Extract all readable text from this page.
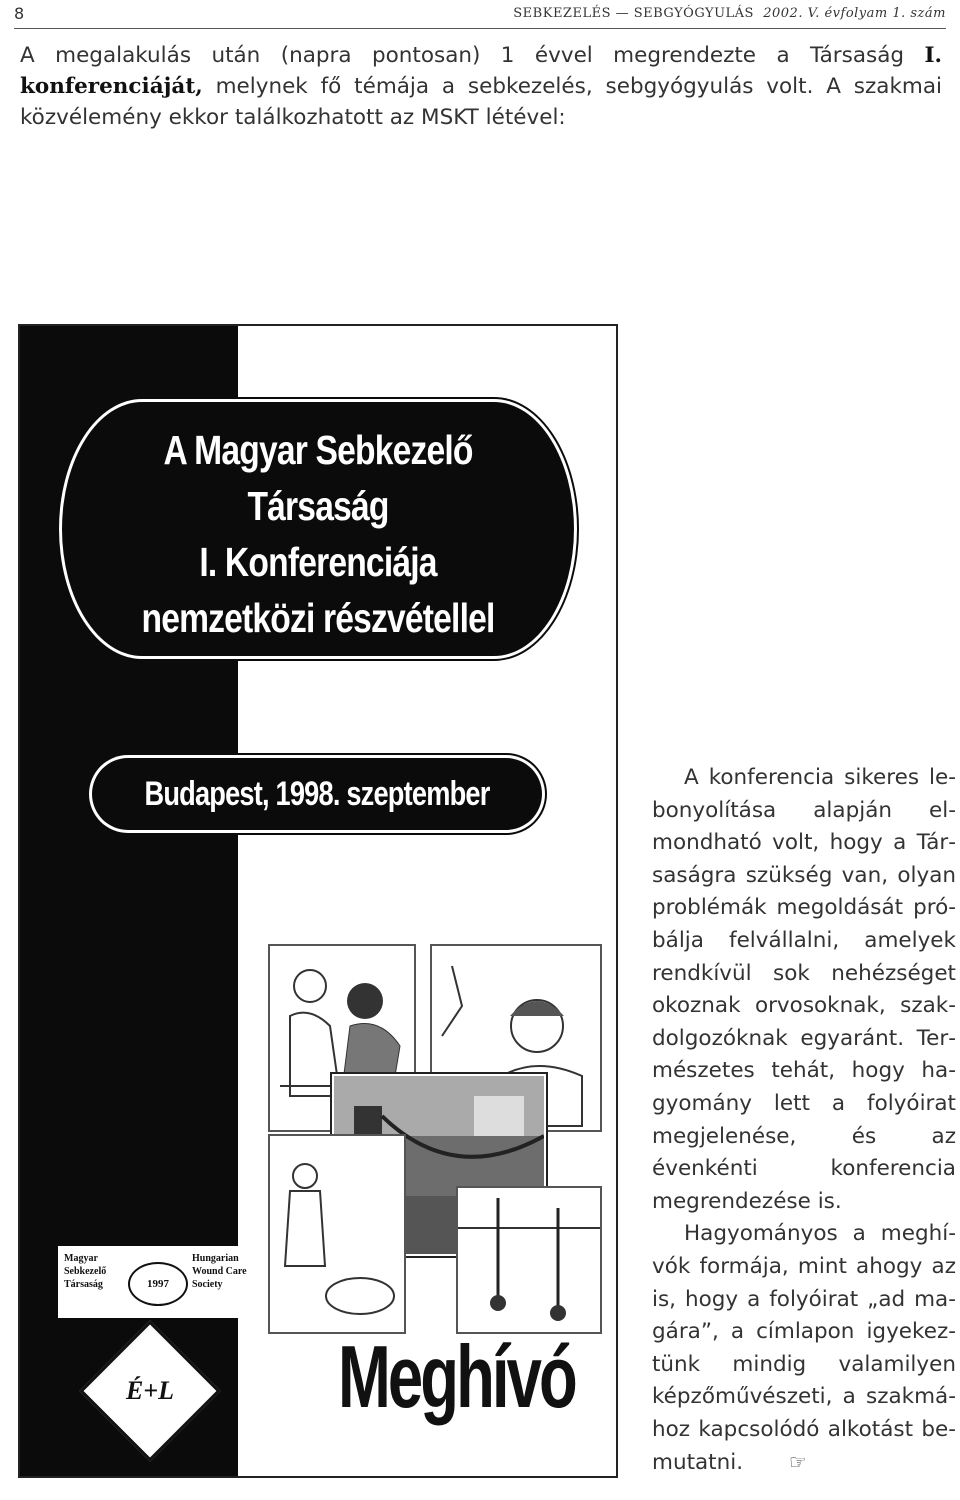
8	SEBKEZELÉS — SEBGYÓGYULÁS 2002. V. évfolyam 1. szám

A megalakulás után (napra pontosan) 1 évvel megrendezte a Társaság I. konferenciáját, melynek fő témája a sebkezelés, sebgyógyulás volt. A szakmai közvélemény ekkor találkozhatott az MSKT létével:

A Magyar Sebkezelő
Társaság
I. Konferenciája
nemzetközi részvétellel
Budapest, 1998. szeptember 25-26.
Magyar Sebkezelő Társaság	1997
Hungarian Wound Care Society
É+L Meghívó

A konferencia sikeres lebonyolítása alapján elmondható volt, hogy a Társaságra szükség van, olyan problémák megoldását próbálja felvállalni, amelyek rendkívül sok nehézséget okoznak orvosoknak, szakdolgozóknak egyaránt. Természetes tehát, hogy hagyomány lett a folyóirat megjelenése, és az évenkénti konferencia megrendezése is.

Hagyományos a meghívók formája, mint ahogy az is, hogy a folyóirat „ad magára”, a címlapon igyekeztünk mindig valamilyen képzőművészeti, a szakmához kapcsolódó alkotást bemutatni. ☞
